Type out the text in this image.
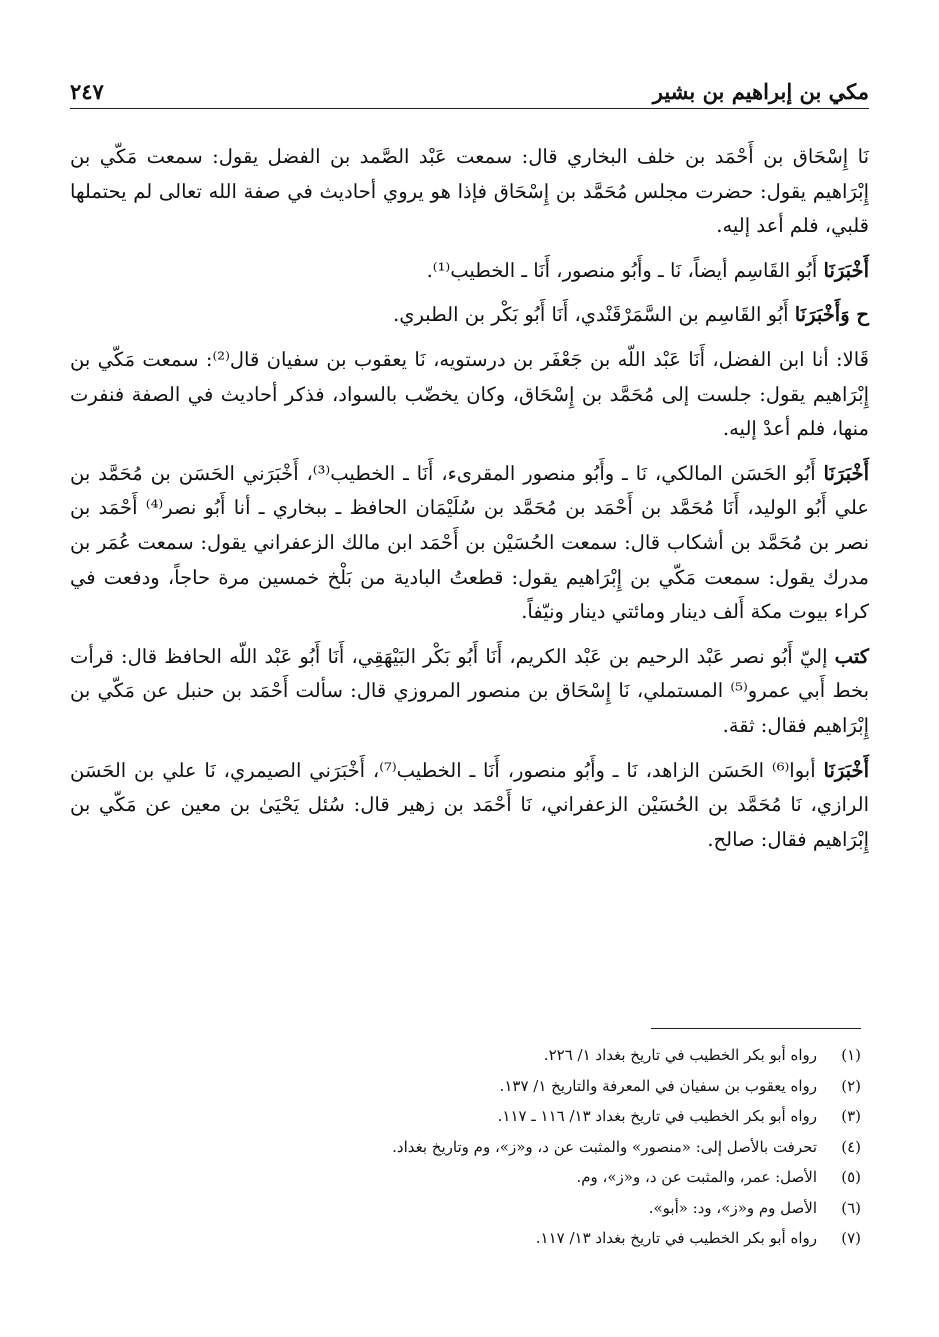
مكي بن إبراهيم بن بشير
٢٤٧

نَا إِسْحَاق بن أَحْمَد بن خلف البخاري قال: سمعت عَبْد الصَّمد بن الفضل يقول: سمعت مَكّي بن إِبْرَاهيم يقول: حضرت مجلس مُحَمَّد بن إِسْحَاق فإذا هو يروي أحاديث في صفة الله تعالى لم يحتملها قلبي، فلم أعد إليه.

أَخْبَرَنَا أَبُو القَاسِم أيضاً، نَا ـ وأَبُو منصور، أَنَا ـ الخطيب⁽¹⁾.

ح وَأَخْبَرَنَا أَبُو القَاسِم بن السَّمَرْقَنْدي، أَنَا أَبُو بَكْر بن الطبري.

قَالا: أنا ابن الفضل، أَنَا عَبْد اللّه بن جَعْفَر بن درستويه، نَا يعقوب بن سفيان قال⁽²⁾: سمعت مَكّي بن إِبْرَاهيم يقول: جلست إلى مُحَمَّد بن إِسْحَاق، وكان يخضّب بالسواد، فذكر أحاديث في الصفة فنفرت منها، فلم أعدْ إليه.

أَخْبَرَنَا أَبُو الحَسَن المالكي، نَا ـ وأَبُو منصور المقرىء، أَنَا ـ الخطيب⁽³⁾، أَخْبَرَني الحَسَن بن مُحَمَّد بن علي أَبُو الوليد، أَنَا مُحَمَّد بن أَحْمَد بن مُحَمَّد بن سُلَيْمَان الحافظ ـ ببخاري ـ أنا أَبُو نصر⁽⁴⁾ أَحْمَد بن نصر بن مُحَمَّد بن أشكاب قال: سمعت الحُسَيْن بن أَحْمَد ابن مالك الزعفراني يقول: سمعت عُمَر بن مدرك يقول: سمعت مَكّي بن إِبْرَاهيم يقول: قطعتُ البادية من بَلْخ خمسين مرة حاجاً، ودفعت في كراء بيوت مكة أَلف دينار ومائتي دينار ونيّفاً.

كتب إليّ أَبُو نصر عَبْد الرحيم بن عَبْد الكريم، أَنَا أَبُو بَكْر البَيْهَقِي، أَنَا أَبُو عَبْد اللّه الحافظ قال: قرأت بخط أَبي عمرو⁽⁵⁾ المستملي، نَا إِسْحَاق بن منصور المروزي قال: سألت أَحْمَد بن حنبل عن مَكّي بن إِبْرَاهيم فقال: ثقة.

أَخْبَرَنَا أبوا⁽⁶⁾ الحَسَن الزاهد، نَا ـ وأَبُو منصور، أَنَا ـ الخطيب⁽⁷⁾، أَخْبَرَني الصيمري، نَا علي بن الحَسَن الرازي، نَا مُحَمَّد بن الحُسَيْن الزعفراني، نَا أَحْمَد بن زهير قال: سُئل يَحْيَىٰ بن معين عن مَكّي بن إِبْرَاهيم فقال: صالح.

(١)
رواه أبو بكر الخطيب في تاريخ بغداد ١/ ٢٢٦.
(٢)
رواه يعقوب بن سفيان في المعرفة والتاريخ ١/ ١٣٧.
(٣)
رواه أبو بكر الخطيب في تاريخ بغداد ١٣/ ١١٦ ـ ١١٧.
(٤)
تحرفت بالأصل إلى: «منصور» والمثبت عن د، و«ز»، وم وتاريخ بغداد.
(٥)
الأصل: عمر، والمثبت عن د، و«ز»، وم.
(٦)
الأصل وم و«ز»، ود: «أبو».
(٧)
رواه أبو بكر الخطيب في تاريخ بغداد ١٣/ ١١٧.
